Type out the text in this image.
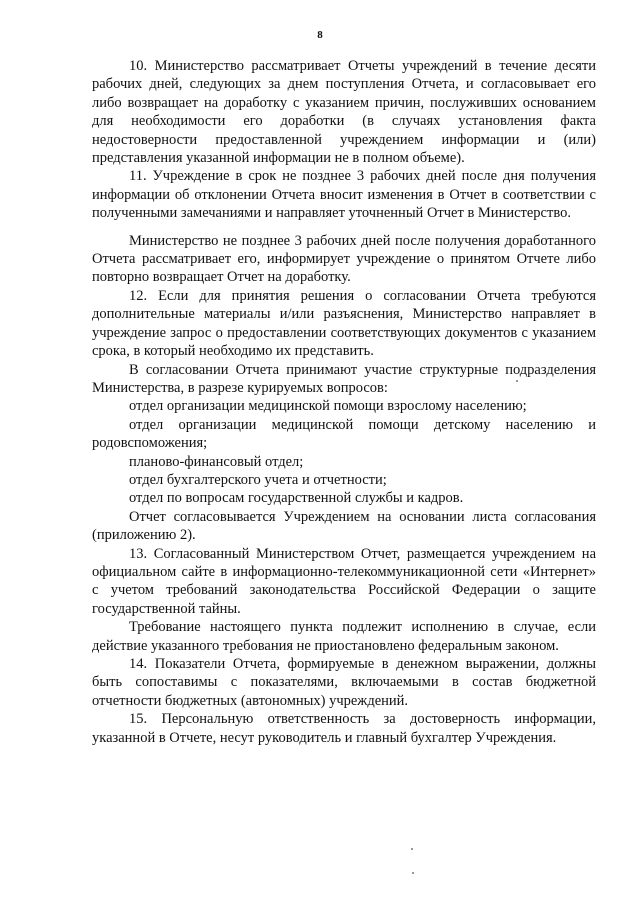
8

10. Министерство рассматривает Отчеты учреждений в течение десяти рабочих дней, следующих за днем поступления Отчета, и согласовывает его либо возвращает на доработку с указанием причин, послуживших основанием для необходимости его доработки (в случаях установления факта недостоверности предоставленной учреждением информации и (или) представления указанной информации не в полном объеме).

11. Учреждение в срок не позднее 3 рабочих дней после дня получения информации об отклонении Отчета вносит изменения в Отчет в соответствии с полученными замечаниями и направляет уточненный Отчет в Министерство.

Министерство не позднее 3 рабочих дней после получения доработанного Отчета рассматривает его, информирует учреждение о принятом Отчете либо повторно возвращает Отчет на доработку.

12. Если для принятия решения о согласовании Отчета требуются дополнительные материалы и/или разъяснения, Министерство направляет в учреждение запрос о предоставлении соответствующих документов с указанием срока, в который необходимо их представить.

В согласовании Отчета принимают участие структурные подразделения Министерства, в разрезе курируемых вопросов:

отдел организации медицинской помощи взрослому населению;

отдел организации медицинской помощи детскому населению и родовспоможения;

планово-финансовый отдел;

отдел бухгалтерского учета и отчетности;

отдел по вопросам государственной службы и кадров.

Отчет согласовывается Учреждением на основании листа согласования (приложению 2).

13. Согласованный Министерством Отчет, размещается учреждением на официальном сайте в информационно-телекоммуникационной сети «Интернет» с учетом требований законодательства Российской Федерации о защите государственной тайны.

Требование настоящего пункта подлежит исполнению в случае, если действие указанного требования не приостановлено федеральным законом.

14. Показатели Отчета, формируемые в денежном выражении, должны быть сопоставимы с показателями, включаемыми в состав бюджетной отчетности бюджетных (автономных) учреждений.

15. Персональную ответственность за достоверность информации, указанной в Отчете, несут руководитель и главный бухгалтер Учреждения.
